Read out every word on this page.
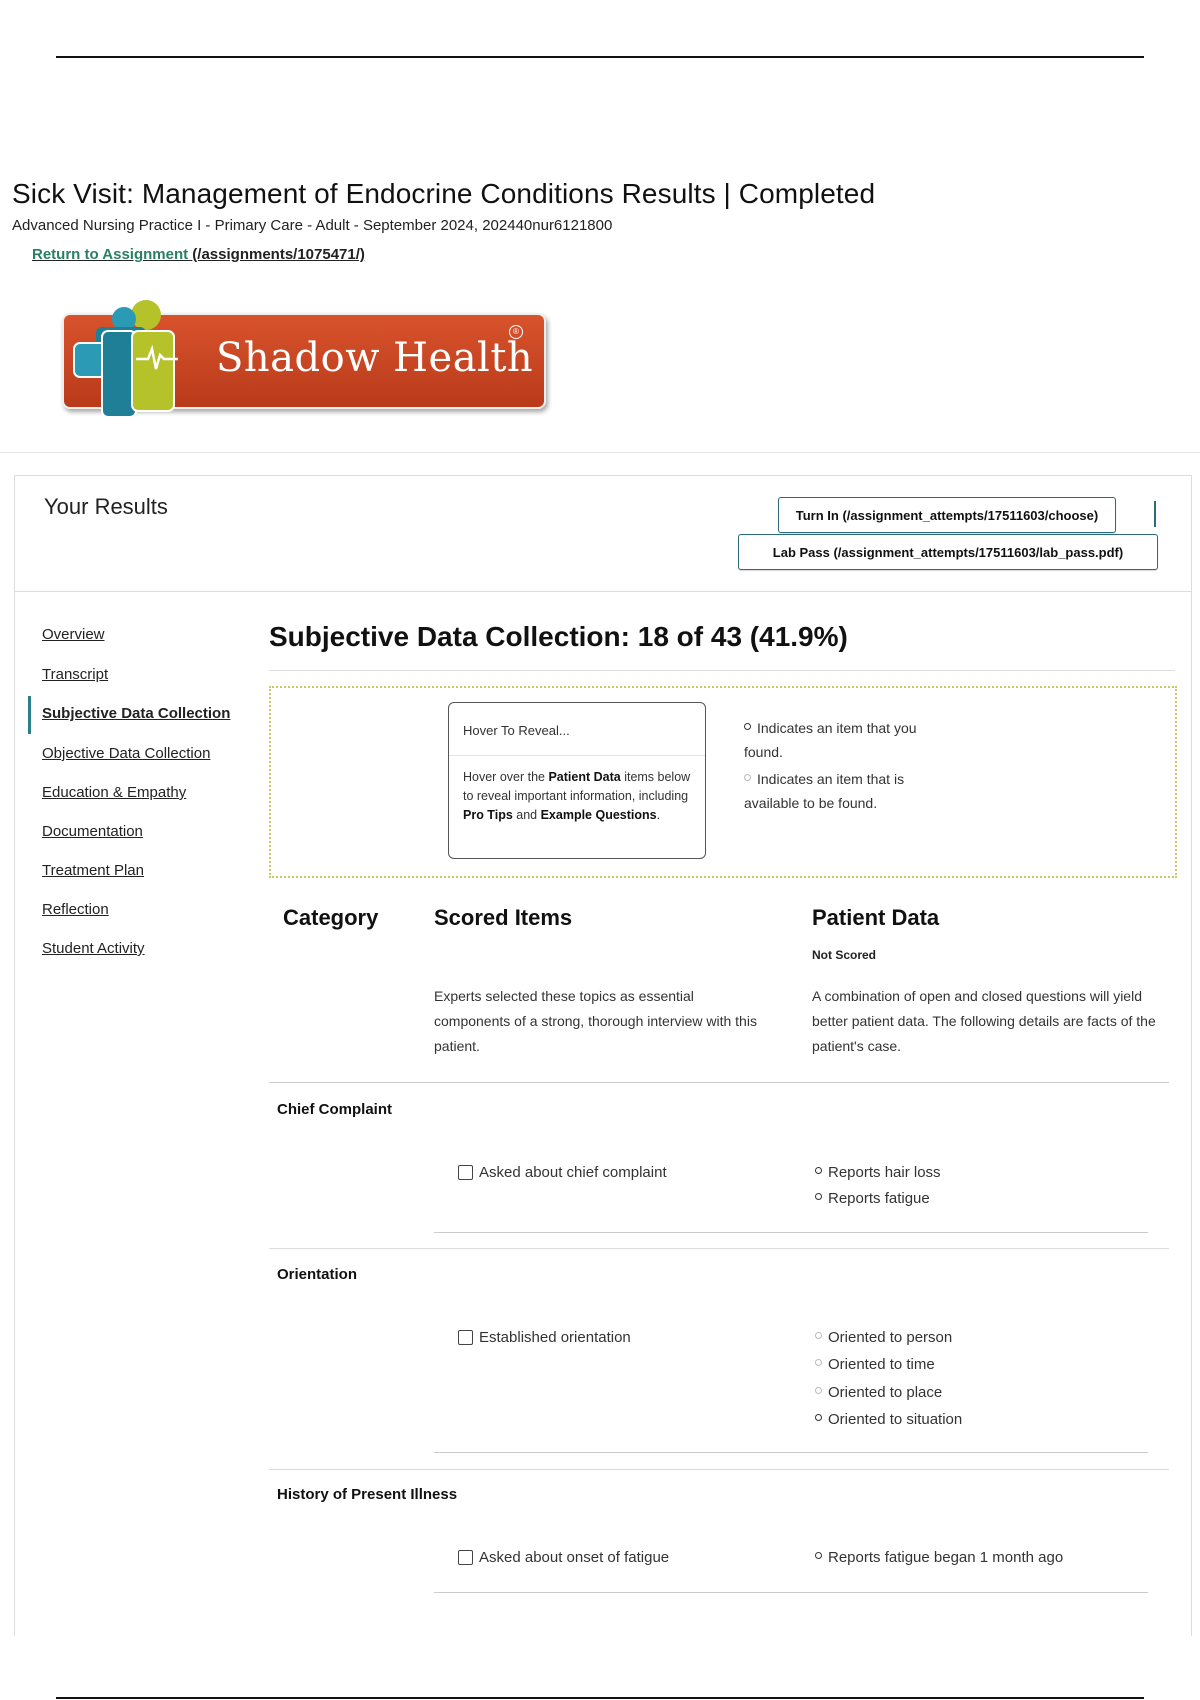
Sick Visit: Management of Endocrine Conditions Results | Completed
Advanced Nursing Practice I - Primary Care - Adult - September 2024, 202440nur6121800
Return to Assignment (/assignments/1075471/)
Shadow Health
®
Your Results	Turn In (/assignment_attempts/17511603/choose)
Lab Pass (/assignment_attempts/17511603/lab_pass.pdf)
Overview
Transcript
Subjective Data Collection
Objective Data Collection
Education & Empathy
Documentation
Treatment Plan
Reflection
Student Activity
Subjective Data Collection: 18 of 43 (41.9%)
Hover To Reveal...
Hover over the Patient Data items below to reveal important information, including Pro Tips and Example Questions.
Indicates an item that you found.
Indicates an item that is available to be found.
Category	Scored Items	Patient Data
Not Scored
Experts selected these topics as essential components of a strong, thorough interview with this patient.
A combination of open and closed questions will yield better patient data. The following details are facts of the patient's case.
Chief Complaint
Asked about chief complaint	Reports hair loss
Reports fatigue
Orientation
Established orientation	Oriented to person
Oriented to time
Oriented to place
Oriented to situation
History of Present Illness
Asked about onset of fatigue	Reports fatigue began 1 month ago
